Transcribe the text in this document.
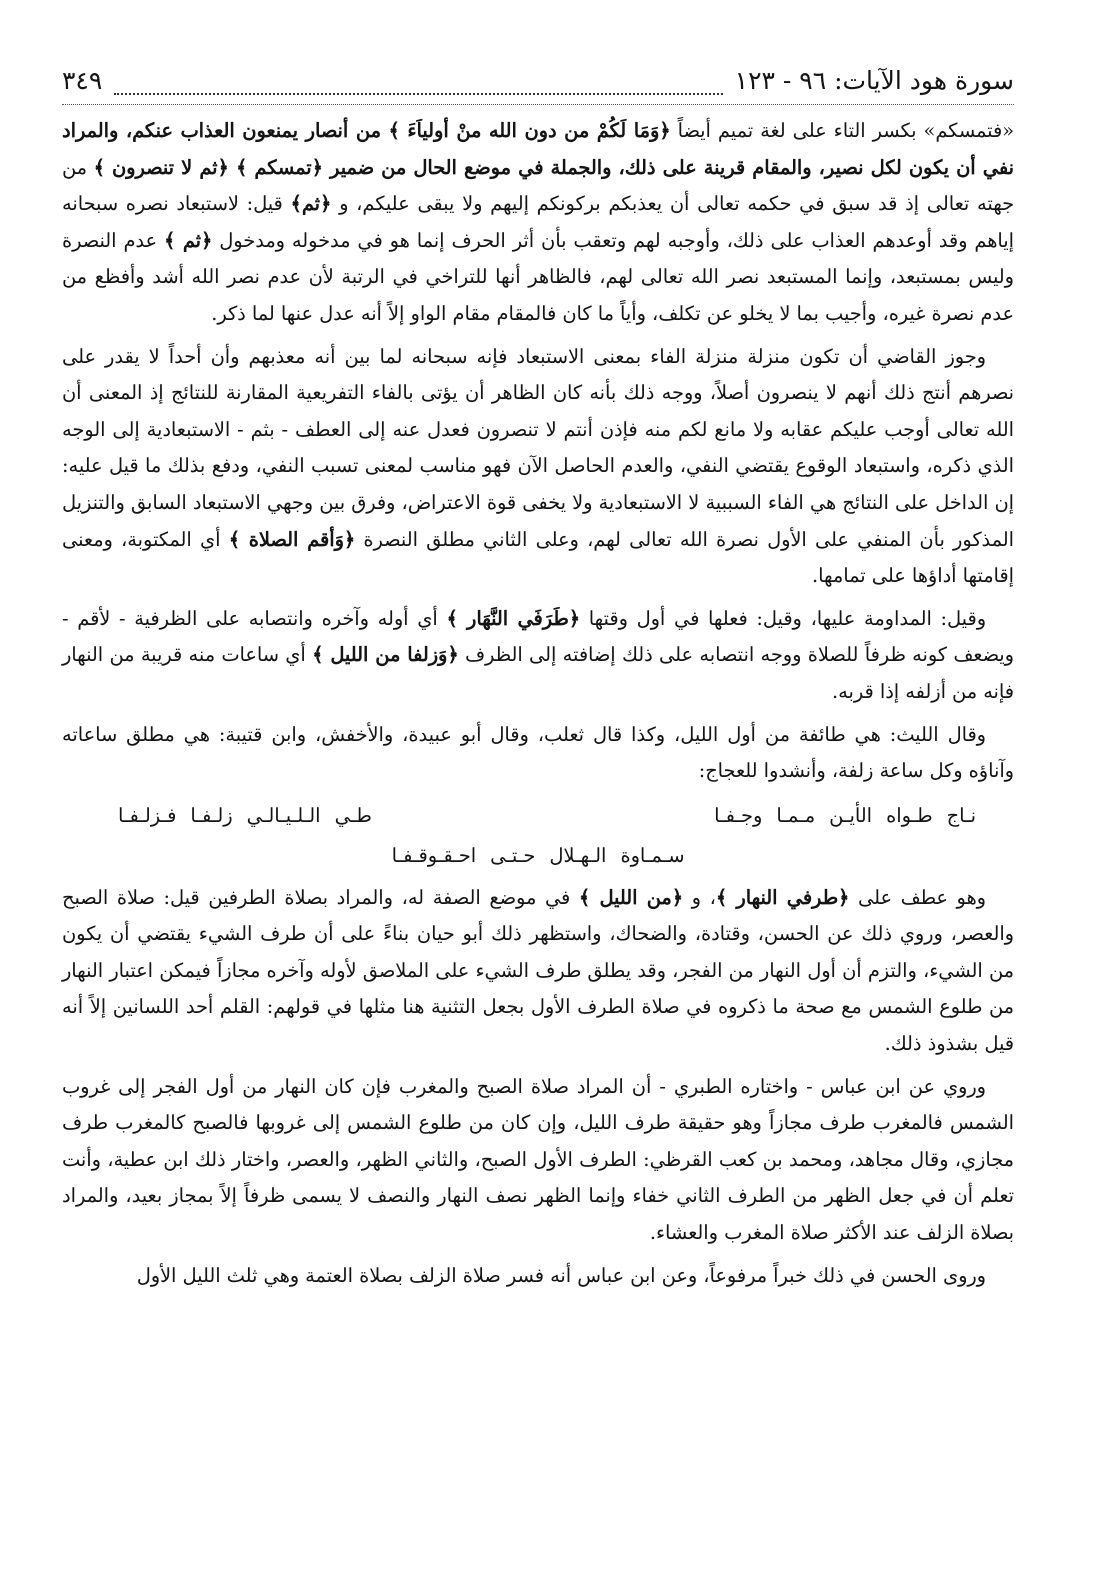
سورة هود الآيات: ٩٦ - ١٢٣
٣٤٩

«فتمسكم» بكسر التاء على لغة تميم أيضاً ﴿وَمَا لَكُمْ من دون الله منْ أولياَءَ ﴾ من أنصار يمنعون العذاب عنكم، والمراد نفي أن يكون لكل نصير، والمقام قرينة على ذلك، والجملة في موضع الحال من ضمير ﴿تمسكم ﴾ ﴿ثم لا تنصرون ﴾ من جهته تعالى إذ قد سبق في حكمه تعالى أن يعذبكم بركونكم إليهم ولا يبقى عليكم، و ﴿ثم﴾ قيل: لاستبعاد نصره سبحانه إياهم وقد أوعدهم العذاب على ذلك، وأوجبه لهم وتعقب بأن أثر الحرف إنما هو في مدخوله ومدخول ﴿ثم ﴾ عدم النصرة وليس بمستبعد، وإنما المستبعد نصر الله تعالى لهم، فالظاهر أنها للتراخي في الرتبة لأن عدم نصر الله أشد وأفظع من عدم نصرة غيره، وأجيب بما لا يخلو عن تكلف، وأياً ما كان فالمقام مقام الواو إلاً أنه عدل عنها لما ذكر.

وجوز القاضي أن تكون منزلة منزلة الفاء بمعنى الاستبعاد فإنه سبحانه لما بين أنه معذبهم وأن أحداً لا يقدر على نصرهم أنتج ذلك أنهم لا ينصرون أصلاً، ووجه ذلك بأنه كان الظاهر أن يؤتى بالفاء التفريعية المقارنة للنتائج إذ المعنى أن الله تعالى أوجب عليكم عقابه ولا مانع لكم منه فإذن أنتم لا تنصرون فعدل عنه إلى العطف - بثم - الاستبعادية إلى الوجه الذي ذكره، واستبعاد الوقوع يقتضي النفي، والعدم الحاصل الآن فهو مناسب لمعنى تسبب النفي، ودفع بذلك ما قيل عليه: إن الداخل على النتائج هي الفاء السببية لا الاستبعادية ولا يخفى قوة الاعتراض، وفرق بين وجهي الاستبعاد السابق والتنزيل المذكور بأن المنفي على الأول نصرة الله تعالى لهم، وعلى الثاني مطلق النصرة ﴿وَأقم الصلاة ﴾ أي المكتوبة، ومعنى إقامتها أداؤها على تمامها.

وقيل: المداومة عليها، وقيل: فعلها في أول وقتها ﴿طَرَفَي النَّهَار ﴾ أي أوله وآخره وانتصابه على الظرفية - لأقم - ويضعف كونه ظرفاً للصلاة ووجه انتصابه على ذلك إضافته إلى الظرف ﴿وَزلفا من الليل ﴾ أي ساعات منه قريبة من النهار فإنه من أزلفه إذا قربه.

وقال الليث: هي طائفة من أول الليل، وكذا قال ثعلب، وقال أبو عبيدة، والأخفش، وابن قتيبة: هي مطلق ساعاته وآناؤه وكل ساعة زلفة، وأنشدوا للعجاج:

نـاج طـواه الأيـن مـمـا وجـفـا
طـي الـلـيـالـي زلـفـا فـزلـفـا
سـمـاوة الـهـلال حـتـى احـقـوقـفـا

وهو عطف على ﴿طرفي النهار ﴾، و ﴿من الليل ﴾ في موضع الصفة له، والمراد بصلاة الطرفين قيل: صلاة الصبح والعصر، وروي ذلك عن الحسن، وقتادة، والضحاك، واستظهر ذلك أبو حيان بناءً على أن طرف الشيء يقتضي أن يكون من الشيء، والتزم أن أول النهار من الفجر، وقد يطلق طرف الشيء على الملاصق لأوله وآخره مجازاً فيمكن اعتبار النهار من طلوع الشمس مع صحة ما ذكروه في صلاة الطرف الأول بجعل التثنية هنا مثلها في قولهم: القلم أحد اللسانين إلاً أنه قيل بشذوذ ذلك.

وروي عن ابن عباس - واختاره الطبري - أن المراد صلاة الصبح والمغرب فإن كان النهار من أول الفجر إلى غروب الشمس فالمغرب طرف مجازاً وهو حقيقة طرف الليل، وإن كان من طلوع الشمس إلى غروبها فالصبح كالمغرب طرف مجازي، وقال مجاهد، ومحمد بن كعب القرظي: الطرف الأول الصبح، والثاني الظهر، والعصر، واختار ذلك ابن عطية، وأنت تعلم أن في جعل الظهر من الطرف الثاني خفاء وإنما الظهر نصف النهار والنصف لا يسمى ظرفاً إلاً بمجاز بعيد، والمراد بصلاة الزلف عند الأكثر صلاة المغرب والعشاء.

وروى الحسن في ذلك خبراً مرفوعاً، وعن ابن عباس أنه فسر صلاة الزلف بصلاة العتمة وهي ثلث الليل الأول
